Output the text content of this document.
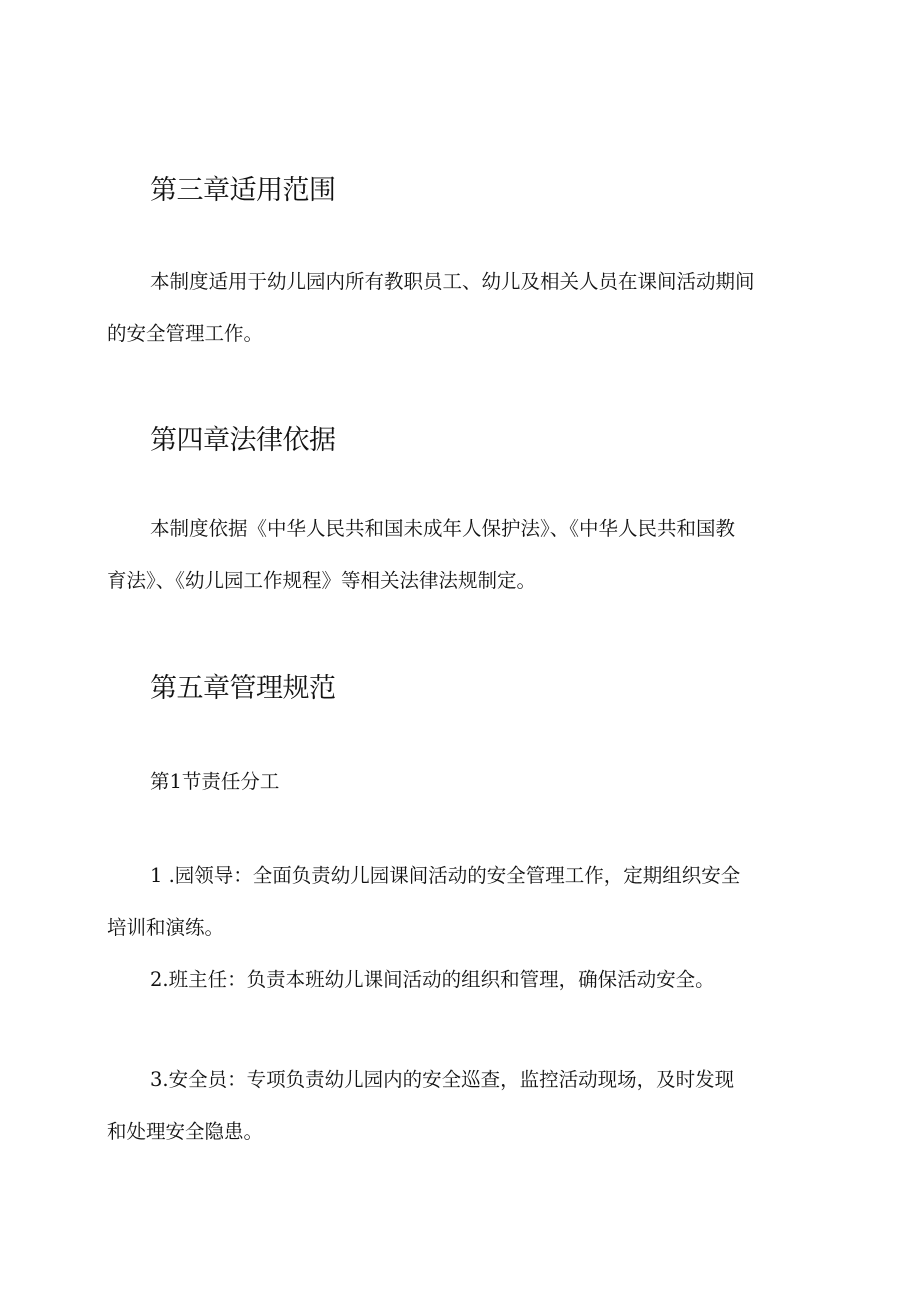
第三章适用范围

本制度适用于幼儿园内所有教职员工、幼儿及相关人员在课间活动期间
的安全管理工作。

第四章法律依据

本制度依据《中华人民共和国未成年人保护法》、《中华人民共和国教
育法》、《幼儿园工作规程》等相关法律法规制定。

第五章管理规范

第1节责任分工

1 .园领导：全面负责幼儿园课间活动的安全管理工作，定期组织安全
培训和演练。

2.班主任：负责本班幼儿课间活动的组织和管理，确保活动安全。

3.安全员：专项负责幼儿园内的安全巡查，监控活动现场，及时发现
和处理安全隐患。
